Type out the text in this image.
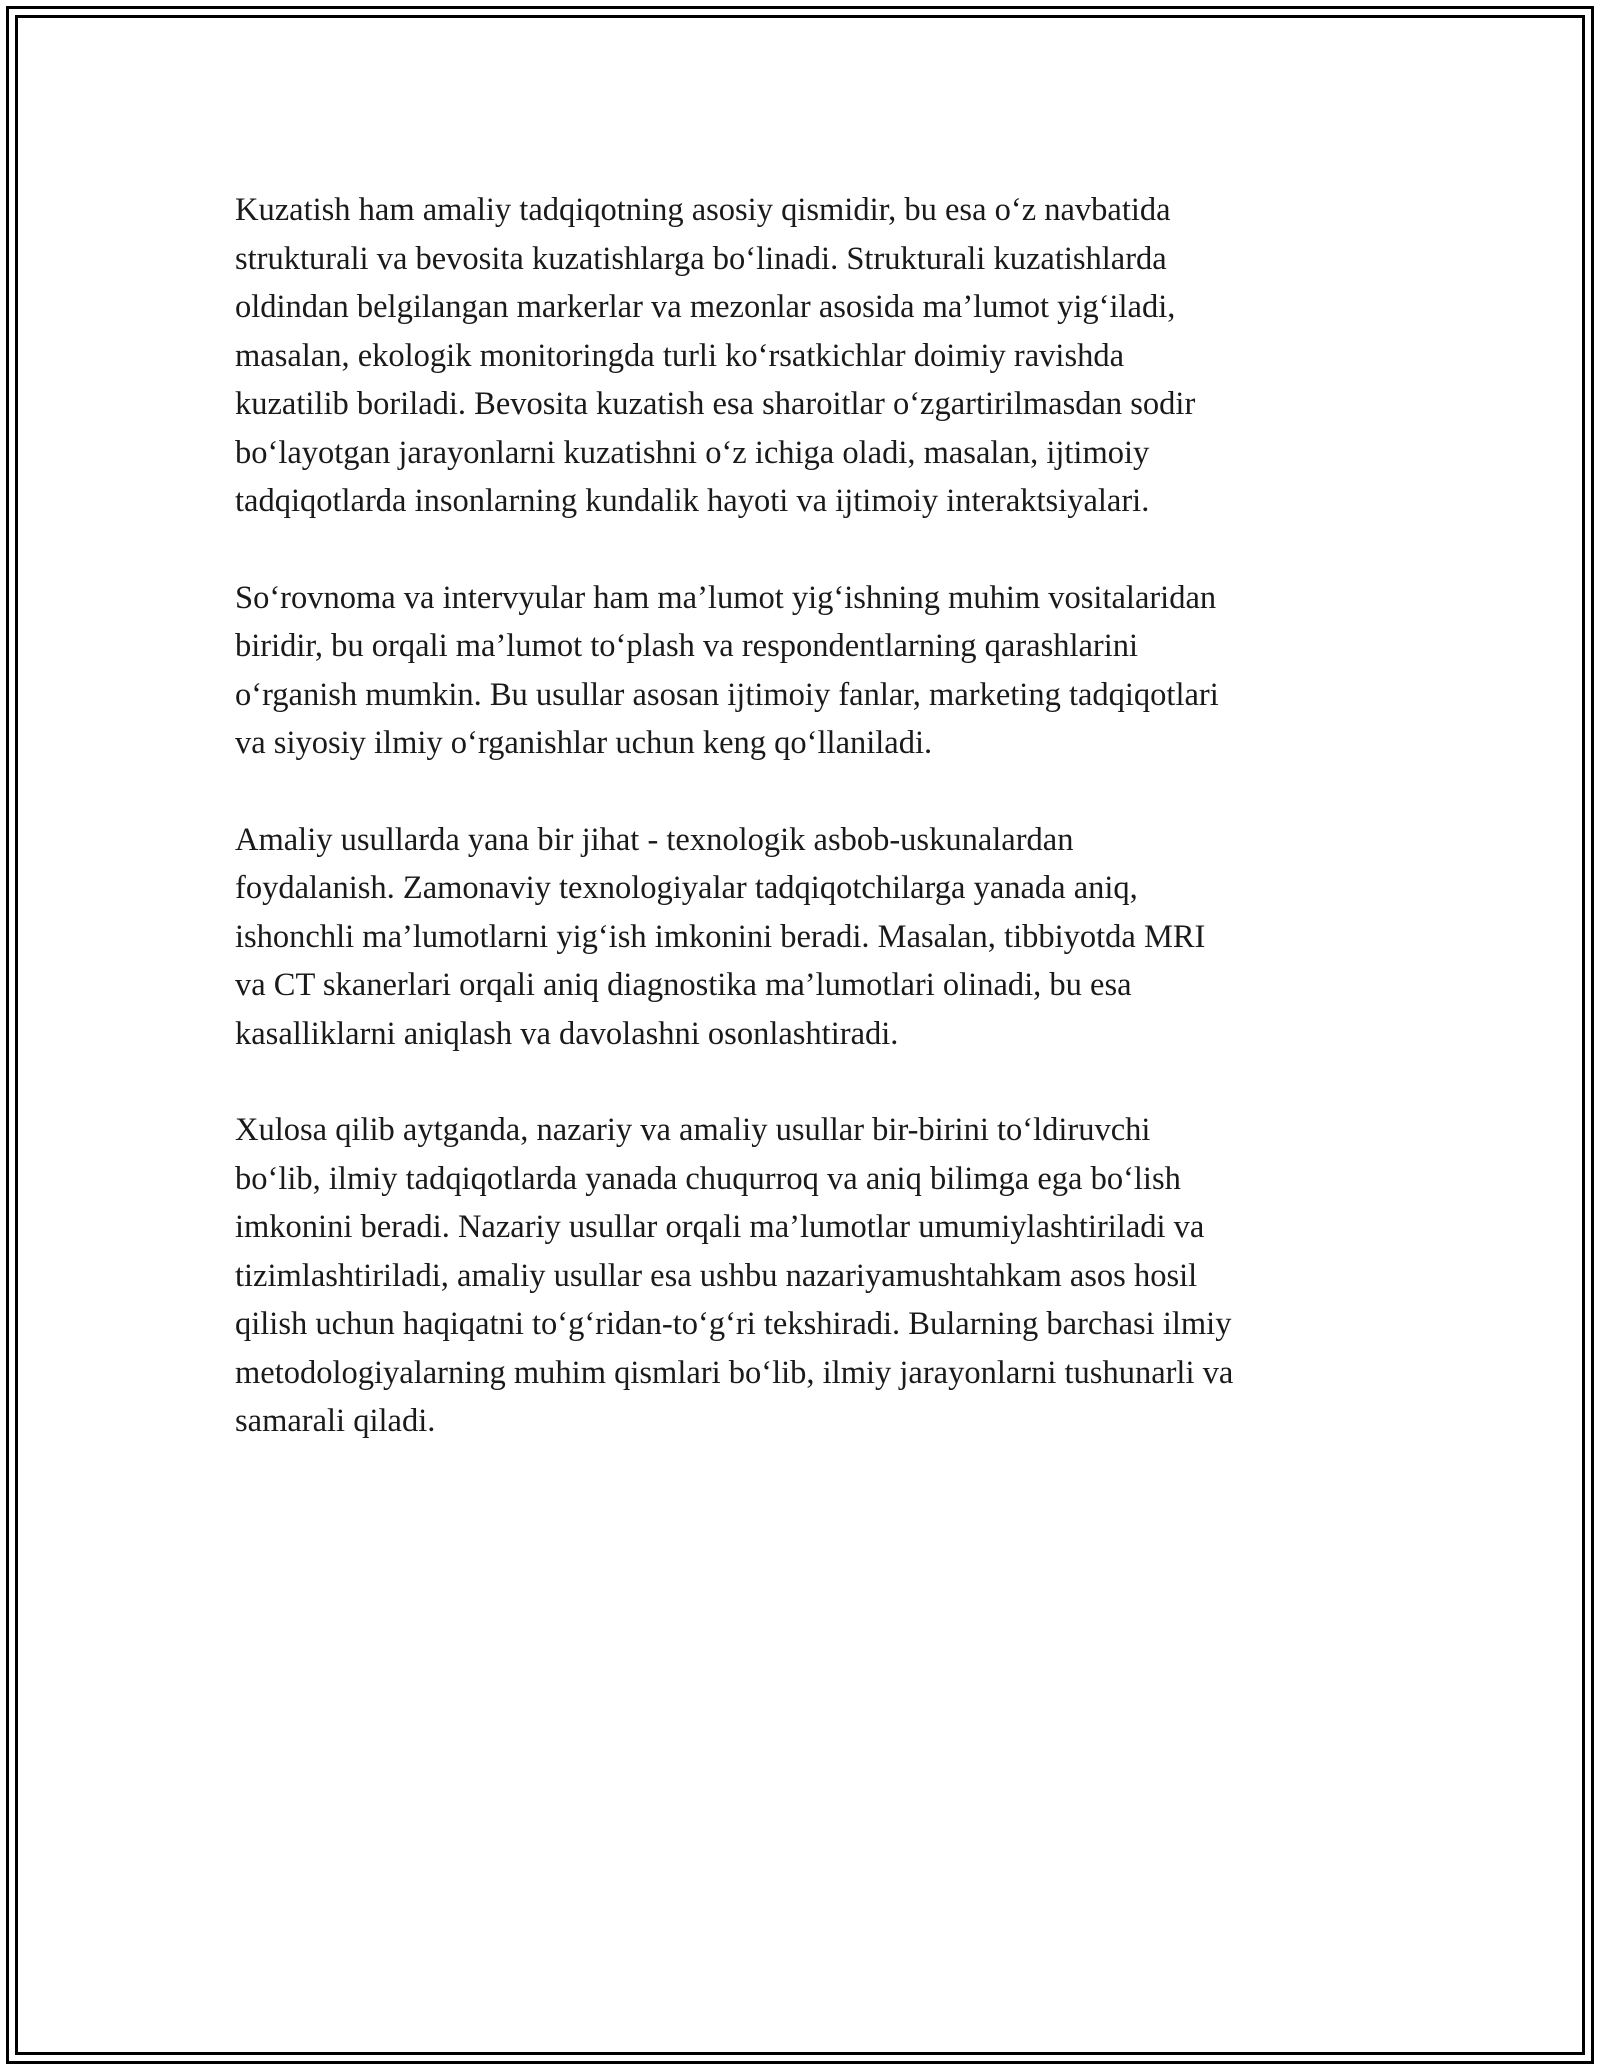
Kuzatish ham amaliy tadqiqotning asosiy qismidir, bu esa o‘z navbatida
strukturali va bevosita kuzatishlarga bo‘linadi. Strukturali kuzatishlarda
oldindan belgilangan markerlar va mezonlar asosida ma’lumot yig‘iladi,
masalan, ekologik monitoringda turli ko‘rsatkichlar doimiy ravishda
kuzatilib boriladi. Bevosita kuzatish esa sharoitlar o‘zgartirilmasdan sodir
bo‘layotgan jarayonlarni kuzatishni o‘z ichiga oladi, masalan, ijtimoiy
tadqiqotlarda insonlarning kundalik hayoti va ijtimoiy interaktsiyalari.

So‘rovnoma va intervyular ham ma’lumot yig‘ishning muhim vositalaridan
biridir, bu orqali ma’lumot to‘plash va respondentlarning qarashlarini
o‘rganish mumkin. Bu usullar asosan ijtimoiy fanlar, marketing tadqiqotlari
va siyosiy ilmiy o‘rganishlar uchun keng qo‘llaniladi.

Amaliy usullarda yana bir jihat - texnologik asbob-uskunalardan
foydalanish. Zamonaviy texnologiyalar tadqiqotchilarga yanada aniq,
ishonchli ma’lumotlarni yig‘ish imkonini beradi. Masalan, tibbiyotda MRI
va CT skanerlari orqali aniq diagnostika ma’lumotlari olinadi, bu esa
kasalliklarni aniqlash va davolashni osonlashtiradi.

Xulosa qilib aytganda, nazariy va amaliy usullar bir-birini to‘ldiruvchi
bo‘lib, ilmiy tadqiqotlarda yanada chuqurroq va aniq bilimga ega bo‘lish
imkonini beradi. Nazariy usullar orqali ma’lumotlar umumiylashtiriladi va
tizimlashtiriladi, amaliy usullar esa ushbu nazariyamushtahkam asos hosil
qilish uchun haqiqatni to‘g‘ridan-to‘g‘ri tekshiradi. Bularning barchasi ilmiy
metodologiyalarning muhim qismlari bo‘lib, ilmiy jarayonlarni tushunarli va
samarali qiladi.
